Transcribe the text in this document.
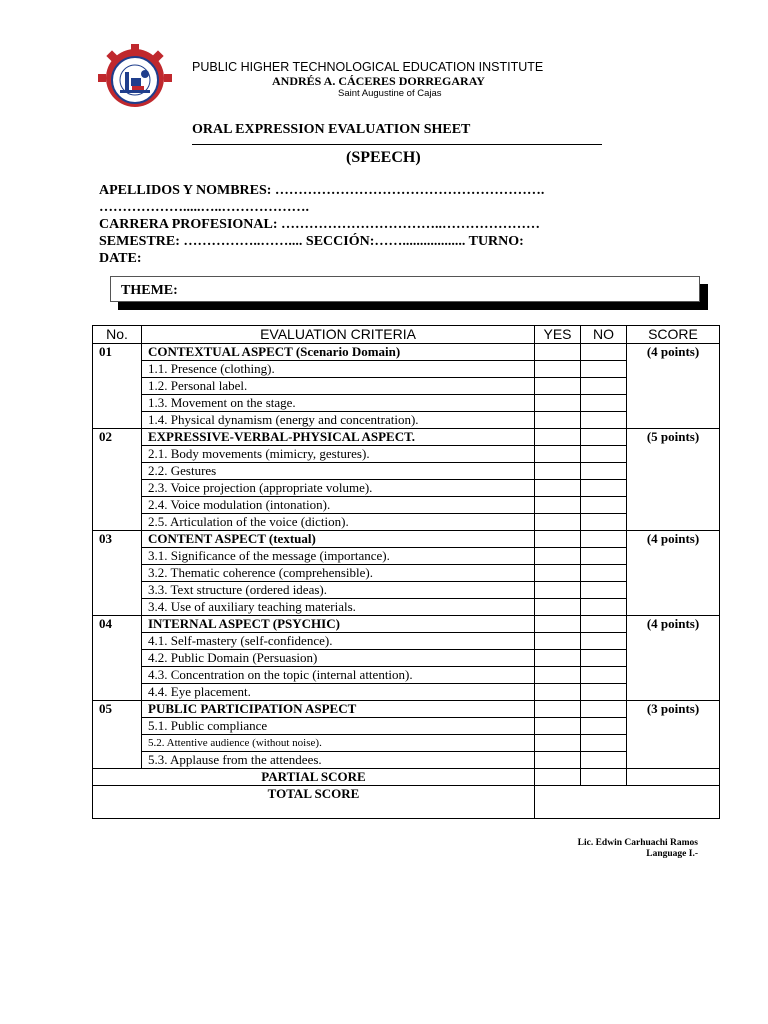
PUBLIC HIGHER TECHNOLOGICAL EDUCATION INSTITUTE
ANDRÉS A. CÁCERES DORREGARAY
Saint Augustine of Cajas
ORAL EXPRESSION EVALUATION SHEET
(SPEECH)
APELLIDOS Y NOMBRES: ………………………………………………….
……………….....…..……………….
CARRERA PROFESIONAL: ……………………………..…………………
SEMESTRE: ……………..…….... SECCIÓN:…….................. TURNO:
DATE:
THEME:
No.	EVALUATION CRITERIA	YES	NO	SCORE
01	CONTEXTUAL ASPECT (Scenario Domain)			(4 points)
	1.1. Presence (clothing).			
	1.2. Personal label.			
	1.3. Movement on the stage.			
	1.4. Physical dynamism (energy and concentration).			
02	EXPRESSIVE-VERBAL-PHYSICAL ASPECT.			(5 points)
	2.1. Body movements (mimicry, gestures).			
	2.2. Gestures			
	2.3. Voice projection (appropriate volume).			
	2.4. Voice modulation (intonation).			
	2.5. Articulation of the voice (diction).			
03	CONTENT ASPECT (textual)			(4 points)
	3.1. Significance of the message (importance).			
	3.2. Thematic coherence (comprehensible).			
	3.3. Text structure (ordered ideas).			
	3.4. Use of auxiliary teaching materials.			
04	INTERNAL ASPECT (PSYCHIC)			(4 points)
	4.1. Self-mastery (self-confidence).			
	4.2. Public Domain (Persuasion)			
	4.3. Concentration on the topic (internal attention).			
	4.4. Eye placement.			
05	PUBLIC PARTICIPATION ASPECT			(3 points)
	5.1. Public compliance			
	5.2. Attentive audience (without noise).			
	5.3. Applause from the attendees.			
PARTIAL SCORE				
TOTAL SCORE				
Lic. Edwin Carhuachi Ramos
Language I.-
